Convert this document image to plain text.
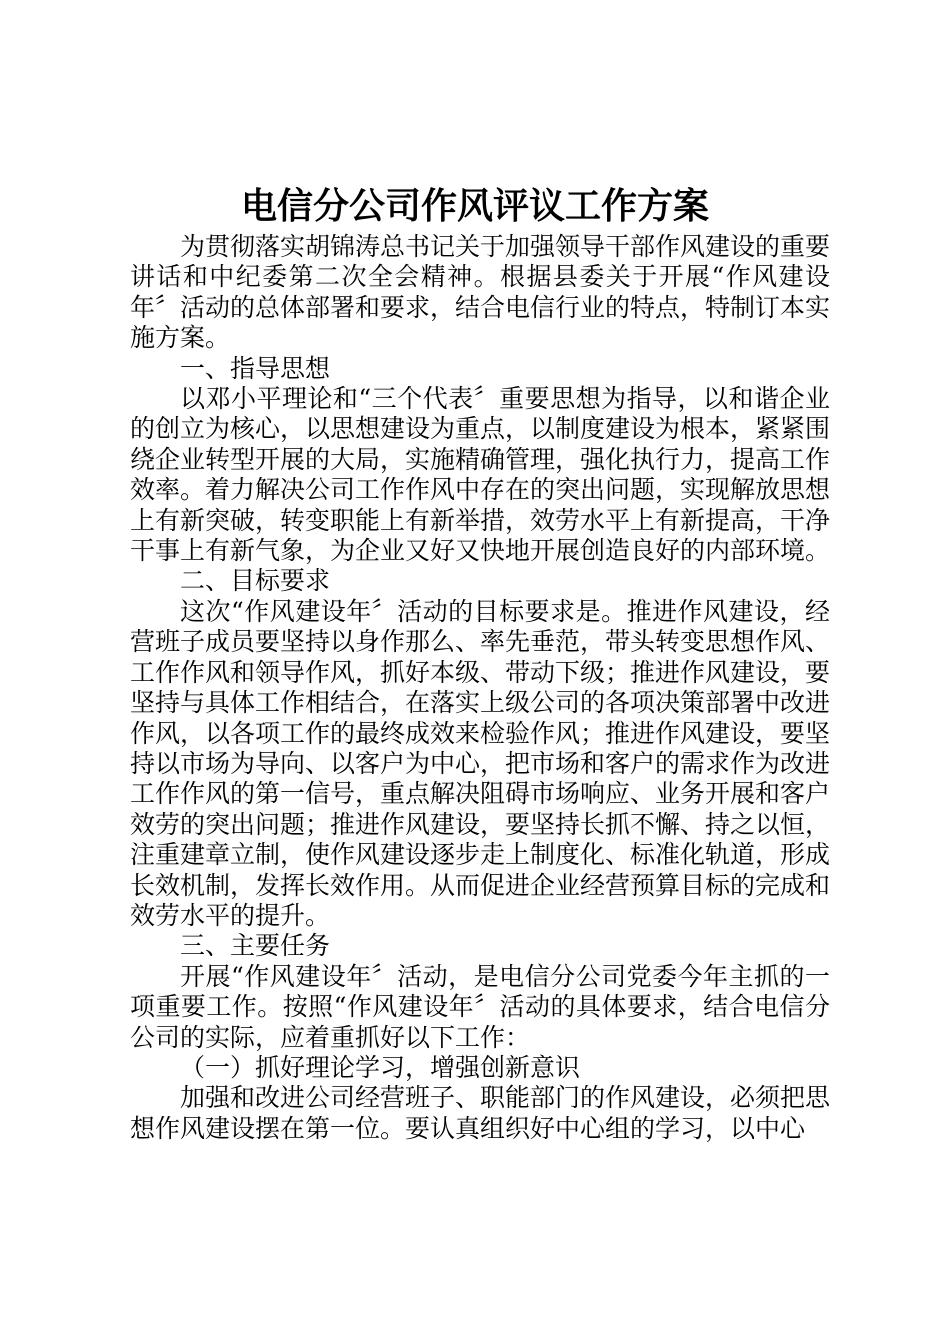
电信分公司作风评议工作方案

为贯彻落实胡锦涛总书记关于加强领导干部作风建设的重要讲话和中纪委第二次全会精神。根据县委关于开展“作风建设年〞活动的总体部署和要求，结合电信行业的特点，特制订本实施方案。

一、指导思想

以邓小平理论和“三个代表〞重要思想为指导，以和谐企业的创立为核心，以思想建设为重点，以制度建设为根本，紧紧围绕企业转型开展的大局，实施精确管理，强化执行力，提高工作效率。着力解决公司工作作风中存在的突出问题，实现解放思想上有新突破，转变职能上有新举措，效劳水平上有新提高，干净干事上有新气象，为企业又好又快地开展创造良好的内部环境。

二、目标要求

这次“作风建设年〞活动的目标要求是。推进作风建设，经营班子成员要坚持以身作那么、率先垂范，带头转变思想作风、工作作风和领导作风，抓好本级、带动下级；推进作风建设，要坚持与具体工作相结合，在落实上级公司的各项决策部署中改进作风，以各项工作的最终成效来检验作风；推进作风建设，要坚持以市场为导向、以客户为中心，把市场和客户的需求作为改进工作作风的第一信号，重点解决阻碍市场响应、业务开展和客户效劳的突出问题；推进作风建设，要坚持长抓不懈、持之以恒，注重建章立制，使作风建设逐步走上制度化、标准化轨道，形成长效机制，发挥长效作用。从而促进企业经营预算目标的完成和效劳水平的提升。

三、主要任务

开展“作风建设年〞活动，是电信分公司党委今年主抓的一项重要工作。按照“作风建设年〞活动的具体要求，结合电信分公司的实际，应着重抓好以下工作：

（一）抓好理论学习，增强创新意识

加强和改进公司经营班子、职能部门的作风建设，必须把思想作风建设摆在第一位。要认真组织好中心组的学习，以中心
